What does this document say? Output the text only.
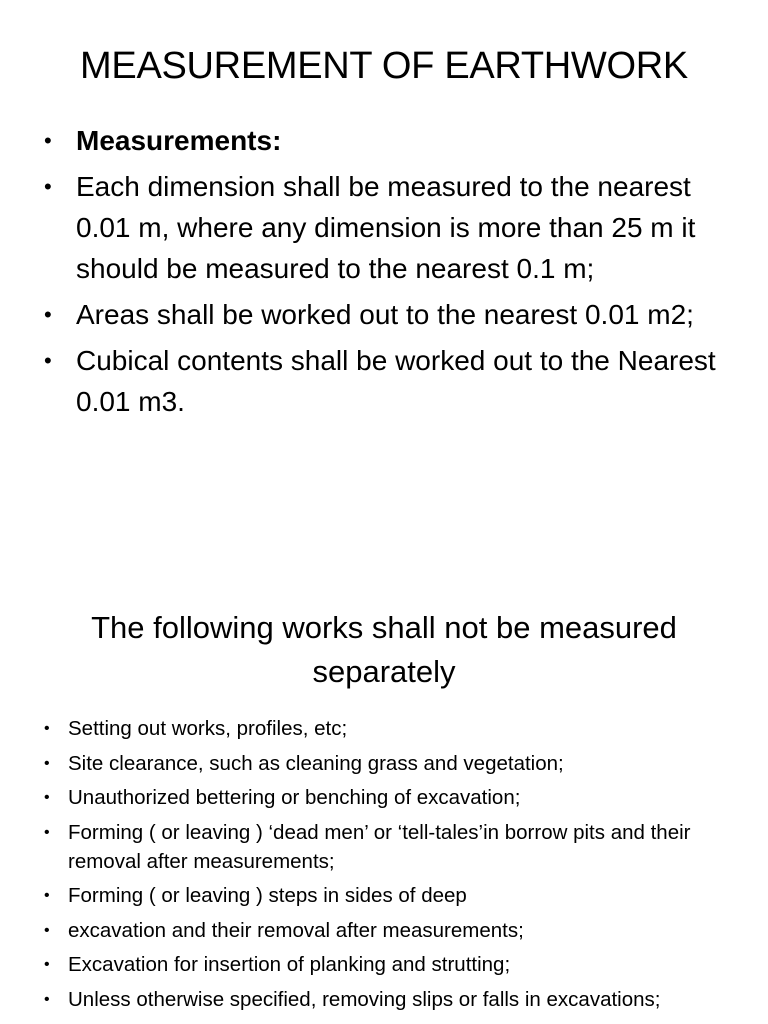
MEASUREMENT OF EARTHWORK
• Measurements:
• Each dimension shall be measured to the nearest 0.01 m, where any dimension is more than 25 m it should be measured to the nearest 0.1 m;
• Areas shall be worked out to the nearest 0.01 m2;
• Cubical contents shall be worked out to the Nearest 0.01 m3.
The following works shall not be measured separately
• Setting out works, profiles, etc;
• Site clearance, such as cleaning grass and vegetation;
• Unauthorized bettering or benching of excavation;
• Forming ( or leaving ) ‘dead men’ or ‘tell-tales’in borrow pits and their removal after measurements;
• Forming ( or leaving ) steps in sides of deep
• excavation and their removal after measurements;
• Excavation for insertion of planking and strutting;
• Unless otherwise specified, removing slips or falls in excavations;
